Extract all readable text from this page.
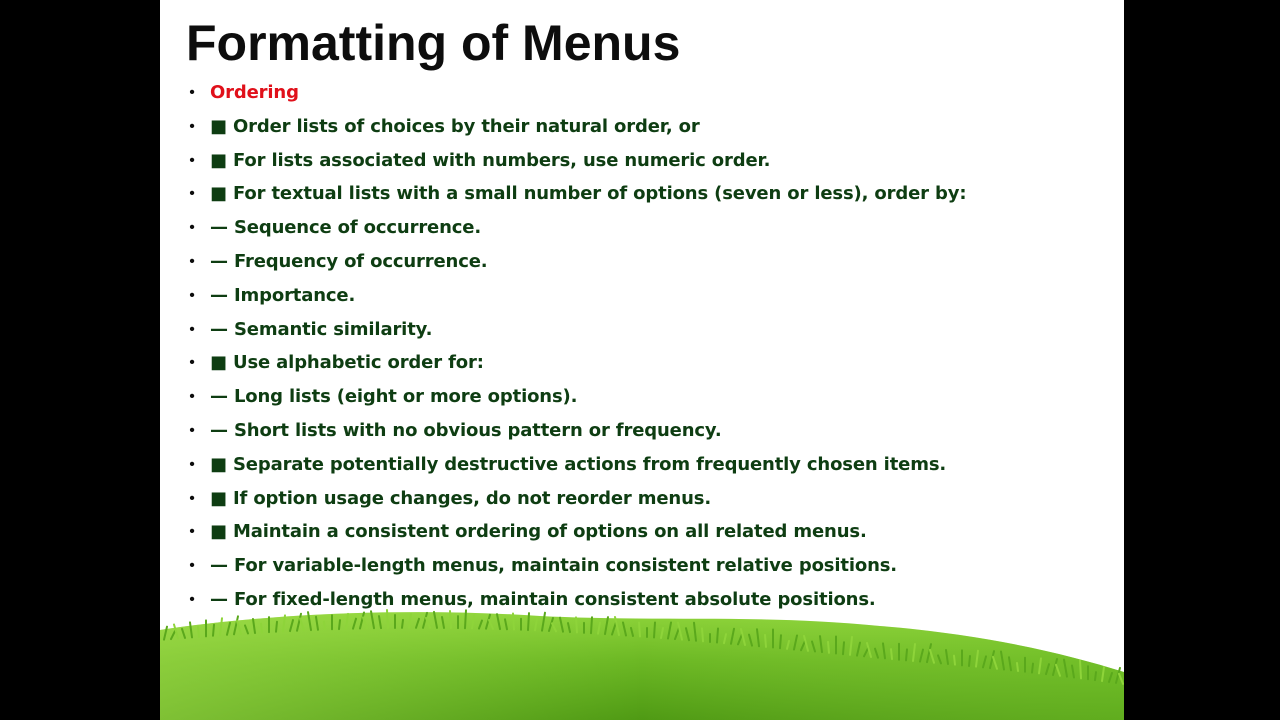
Formatting of Menus
• Ordering
• ■ Order lists of choices by their natural order, or
• ■ For lists associated with numbers, use numeric order.
• ■ For textual lists with a small number of options (seven or less), order by:
• — Sequence of occurrence.
• — Frequency of occurrence.
• — Importance.
• — Semantic similarity.
• ■ Use alphabetic order for:
• — Long lists (eight or more options).
• — Short lists with no obvious pattern or frequency.
• ■ Separate potentially destructive actions from frequently chosen items.
• ■ If option usage changes, do not reorder menus.
• ■ Maintain a consistent ordering of options on all related menus.
• — For variable-length menus, maintain consistent relative positions.
• — For fixed-length menus, maintain consistent absolute positions.
